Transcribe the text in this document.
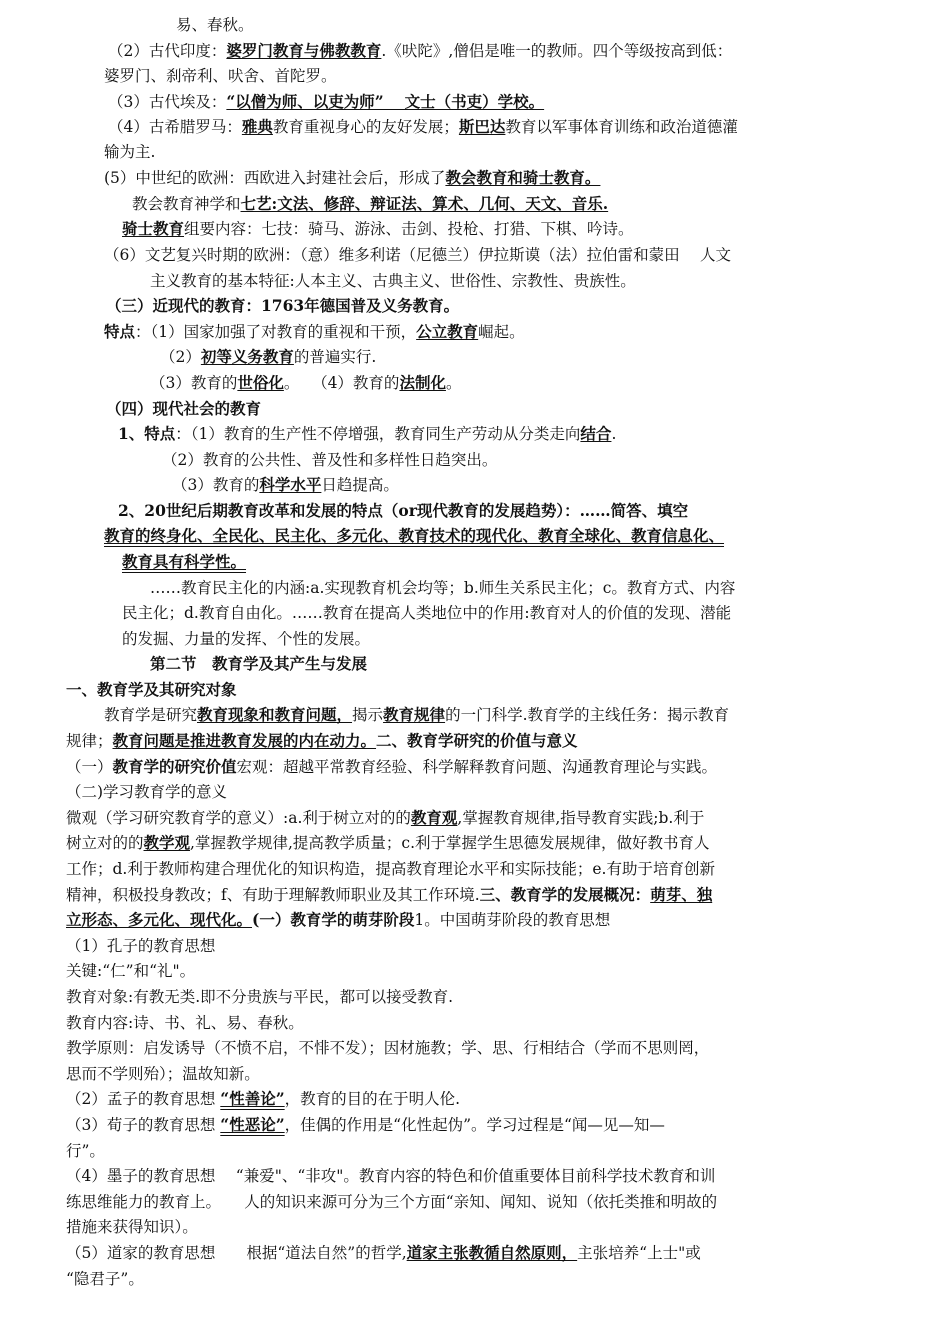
易、春秋。
（2）古代印度：婆罗门教育与佛教教育.《吠陀》,僧侣是唯一的教师。四个等级按高到低：
婆罗门、刹帝利、吠舍、首陀罗。
（3）古代埃及：“以僧为师、以吏为师”　 文士（书吏）学校。
（4）古希腊罗马：雅典教育重视身心的友好发展；斯巴达教育以军事体育训练和政治道德灌
输为主.
(5）中世纪的欧洲：西欧进入封建社会后，形成了教会教育和骑士教育。
教会教育神学和七艺:文法、修辞、辩证法、算术、几何、天文、音乐.
骑士教育组要内容：七技：骑马、游泳、击剑、投枪、打猎、下棋、吟诗。
（6）文艺复兴时期的欧洲：（意）维多利诺（尼德兰）伊拉斯谟（法）拉伯雷和蒙田　 人文
主义教育的基本特征:人本主义、古典主义、世俗性、宗教性、贵族性。
（三）近现代的教育：1763年德国普及义务教育。
特点：（1）国家加强了对教育的重视和干预，公立教育崛起。
（2）初等义务教育的普遍实行.
（3）教育的世俗化。　 （4）教育的法制化。
（四）现代社会的教育
1、特点：（1）教育的生产性不停增强，教育同生产劳动从分类走向结合.
（2）教育的公共性、普及性和多样性日趋突出。
（3）教育的科学水平日趋提高。
2、20世纪后期教育改革和发展的特点（or现代教育的发展趋势）：……简答、填空
教育的终身化、全民化、民主化、多元化、教育技术的现代化、教育全球化、教育信息化、
教育具有科学性。
……教育民主化的内涵:a.实现教育机会均等；b.师生关系民主化；c。教育方式、内容
民主化；d.教育自由化。……教育在提高人类地位中的作用:教育对人的价值的发现、潜能
的发掘、力量的发挥、个性的发展。
第二节　教育学及其产生与发展
一、教育学及其研究对象
教育学是研究教育现象和教育问题，揭示教育规律的一门科学.教育学的主线任务：揭示教育
规律；教育问题是推进教育发展的内在动力。二、教育学研究的价值与意义
（一）教育学的研究价值宏观：超越平常教育经验、科学解释教育问题、沟通教育理论与实践。
（二)学习教育学的意义
微观（学习研究教育学的意义）:a.利于树立对的的教育观,掌握教育规律,指导教育实践;b.利于
树立对的的教学观,掌握教学规律,提高教学质量；c.利于掌握学生思德发展规律，做好教书育人
工作；d.利于教师构建合理优化的知识构造，提高教育理论水平和实际技能；e.有助于培育创新
精神，积极投身教改；f、有助于理解教师职业及其工作环境.三、教育学的发展概况：萌芽、独
立形态、多元化、现代化。(一）教育学的萌芽阶段1。中国萌芽阶段的教育思想
（1）孔子的教育思想
关键:“仁”和“礼"。
教育对象:有教无类.即不分贵族与平民，都可以接受教育.
教育内容:诗、书、礼、易、春秋。
教学原则：启发诱导（不愤不启，不悱不发）；因材施教；学、思、行相结合（学而不思则罔，
思而不学则殆）；温故知新。
（2）孟子的教育思想 “性善论”，教育的目的在于明人伦.
（3）荀子的教育思想 “性恶论”，佳偶的作用是“化性起伪”。学习过程是“闻—见—知—
行”。
（4）墨子的教育思想　 “兼爱"、“非攻"。教育内容的特色和价值重要体目前科学技术教育和训
练思维能力的教育上。　　人的知识来源可分为三个方面“亲知、闻知、说知（依托类推和明故的
措施来获得知识）。
（5）道家的教育思想　　根据“道法自然”的哲学,道家主张教循自然原则，主张培养“上士"或
“隐君子”。
